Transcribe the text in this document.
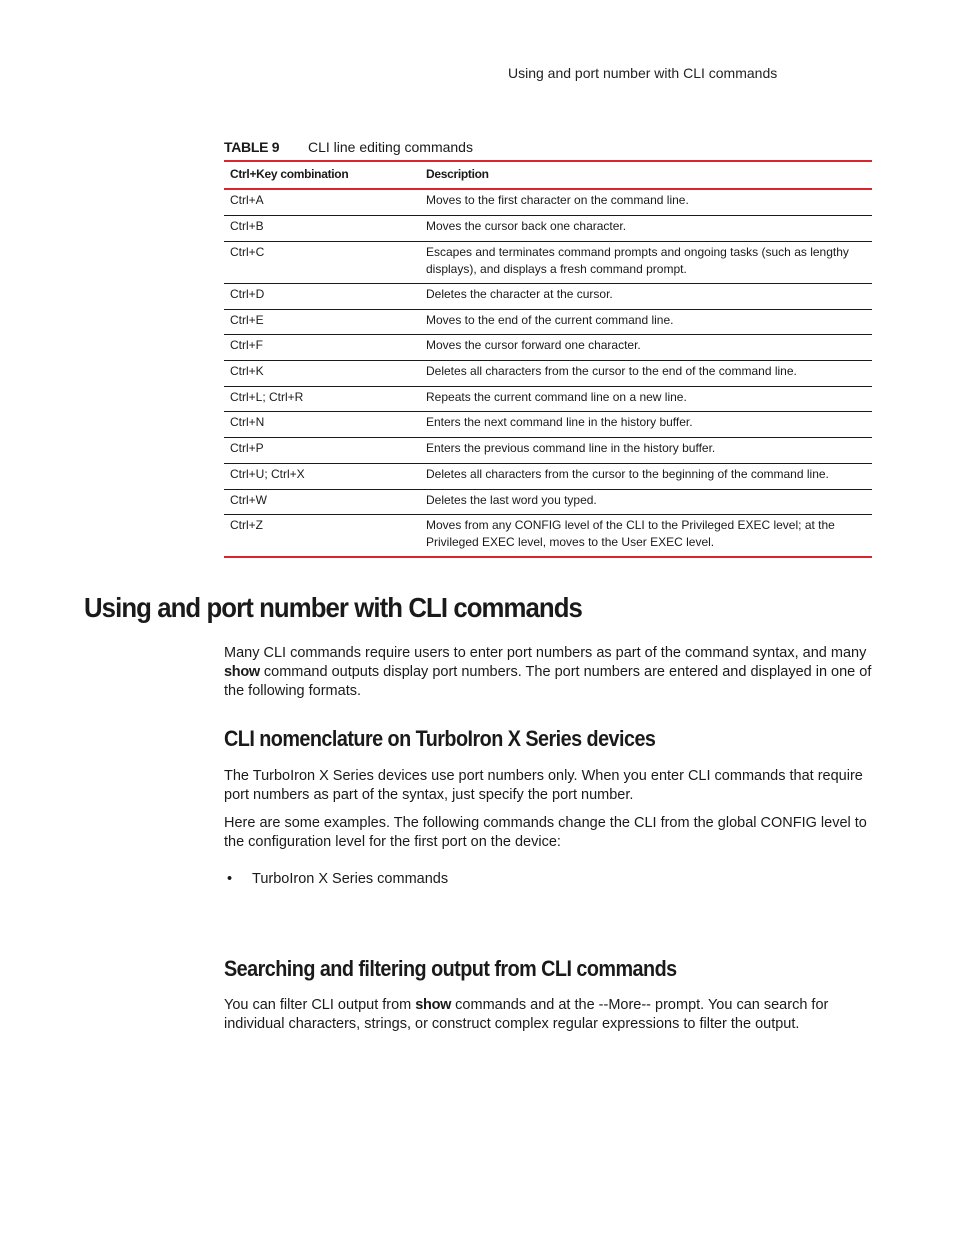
Using and port number with CLI commands
TABLE 9 CLI line editing commands
Ctrl+Key combination	Description
Ctrl+A	Moves to the first character on the command line.
Ctrl+B	Moves the cursor back one character.
Ctrl+C	Escapes and terminates command prompts and ongoing tasks (such as lengthy displays), and displays a fresh command prompt.
Ctrl+D	Deletes the character at the cursor.
Ctrl+E	Moves to the end of the current command line.
Ctrl+F	Moves the cursor forward one character.
Ctrl+K	Deletes all characters from the cursor to the end of the command line.
Ctrl+L; Ctrl+R	Repeats the current command line on a new line.
Ctrl+N	Enters the next command line in the history buffer.
Ctrl+P	Enters the previous command line in the history buffer.
Ctrl+U; Ctrl+X	Deletes all characters from the cursor to the beginning of the command line.
Ctrl+W	Deletes the last word you typed.
Ctrl+Z	Moves from any CONFIG level of the CLI to the Privileged EXEC level; at the Privileged EXEC level, moves to the User EXEC level.
Using and port number with CLI commands
Many CLI commands require users to enter port numbers as part of the command syntax, and many show command outputs display port numbers. The port numbers are entered and displayed in one of the following formats.
CLI nomenclature on TurboIron X Series devices
The TurboIron X Series devices use port numbers only. When you enter CLI commands that require port numbers as part of the syntax, just specify the port number.
Here are some examples. The following commands change the CLI from the global CONFIG level to the configuration level for the first port on the device:
• TurboIron X Series commands
Searching and filtering output from CLI commands
You can filter CLI output from show commands and at the --More-- prompt. You can search for individual characters, strings, or construct complex regular expressions to filter the output.
